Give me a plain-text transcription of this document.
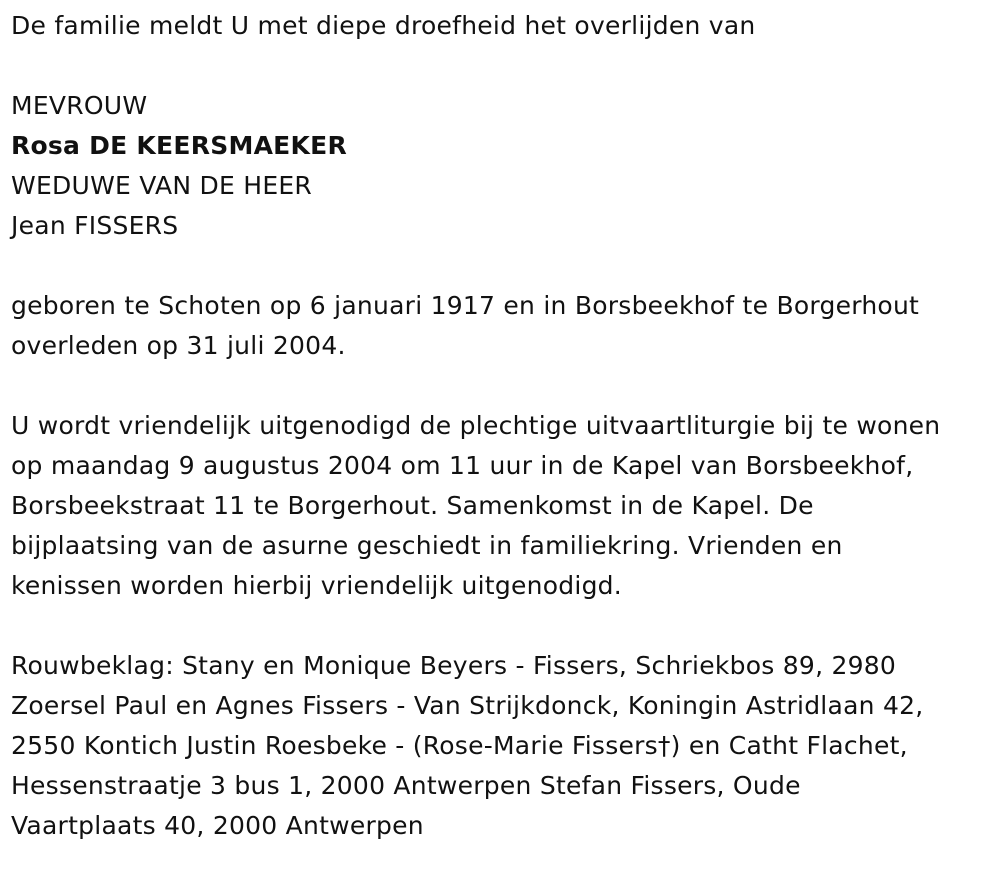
De familie meldt U met diepe droefheid het overlijden van

MEVROUW

Rosa DE KEERSMAEKER

WEDUWE VAN DE HEER

Jean FISSERS

geboren te Schoten op 6 januari 1917 en in Borsbeekhof te Borgerhout

overleden op 31 juli 2004.

U wordt vriendelijk uitgenodigd de plechtige uitvaartliturgie bij te wonen

op maandag 9 augustus 2004 om 11 uur in de Kapel van Borsbeekhof,

Borsbeekstraat 11 te Borgerhout. Samenkomst in de Kapel. De

bijplaatsing van de asurne geschiedt in familiekring. Vrienden en

kenissen worden hierbij vriendelijk uitgenodigd.

Rouwbeklag: Stany en Monique Beyers - Fissers, Schriekbos 89, 2980

Zoersel Paul en Agnes Fissers - Van Strijkdonck, Koningin Astridlaan 42,

2550 Kontich Justin Roesbeke - (Rose-Marie Fissers†) en Catht Flachet,

Hessenstraatje 3 bus 1, 2000 Antwerpen Stefan Fissers, Oude

Vaartplaats 40, 2000 Antwerpen
